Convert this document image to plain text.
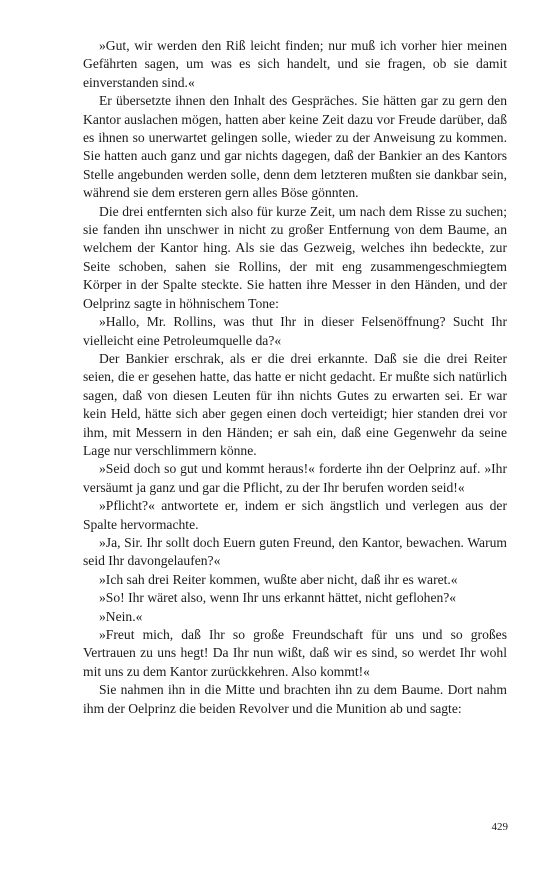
»Gut, wir werden den Riß leicht finden; nur muß ich vorher hier meinen Gefährten sagen, um was es sich handelt, und sie fragen, ob sie damit einverstanden sind.«

Er übersetzte ihnen den Inhalt des Gespräches. Sie hätten gar zu gern den Kantor auslachen mögen, hatten aber keine Zeit dazu vor Freude darüber, daß es ihnen so unerwartet gelingen solle, wieder zu der Anweisung zu kommen. Sie hatten auch ganz und gar nichts dagegen, daß der Bankier an des Kantors Stelle angebunden werden solle, denn dem letzteren mußten sie dankbar sein, während sie dem ersteren gern alles Böse gönnten.

Die drei entfernten sich also für kurze Zeit, um nach dem Risse zu suchen; sie fanden ihn unschwer in nicht zu großer Entfernung von dem Baume, an welchem der Kantor hing. Als sie das Gezweig, welches ihn bedeckte, zur Seite schoben, sahen sie Rollins, der mit eng zusammengeschmiegtem Körper in der Spalte steckte. Sie hatten ihre Messer in den Händen, und der Oelprinz sagte in höhnischem Tone:

»Hallo, Mr. Rollins, was thut Ihr in dieser Felsenöffnung? Sucht Ihr vielleicht eine Petroleumquelle da?«

Der Bankier erschrak, als er die drei erkannte. Daß sie die drei Reiter seien, die er gesehen hatte, das hatte er nicht gedacht. Er mußte sich natürlich sagen, daß von diesen Leuten für ihn nichts Gutes zu erwarten sei. Er war kein Held, hätte sich aber gegen einen doch verteidigt; hier standen drei vor ihm, mit Messern in den Händen; er sah ein, daß eine Gegenwehr da seine Lage nur verschlimmern könne.

»Seid doch so gut und kommt heraus!« forderte ihn der Oelprinz auf. »Ihr versäumt ja ganz und gar die Pflicht, zu der Ihr berufen worden seid!«

»Pflicht?« antwortete er, indem er sich ängstlich und verlegen aus der Spalte hervormachte.

»Ja, Sir. Ihr sollt doch Euern guten Freund, den Kantor, bewachen. Warum seid Ihr davongelaufen?«

»Ich sah drei Reiter kommen, wußte aber nicht, daß ihr es waret.«

»So! Ihr wäret also, wenn Ihr uns erkannt hättet, nicht geflohen?«

»Nein.«

»Freut mich, daß Ihr so große Freundschaft für uns und so großes Vertrauen zu uns hegt! Da Ihr nun wißt, daß wir es sind, so werdet Ihr wohl mit uns zu dem Kantor zurückkehren. Also kommt!«

Sie nahmen ihn in die Mitte und brachten ihn zu dem Baume. Dort nahm ihm der Oelprinz die beiden Revolver und die Munition ab und sagte:

429
